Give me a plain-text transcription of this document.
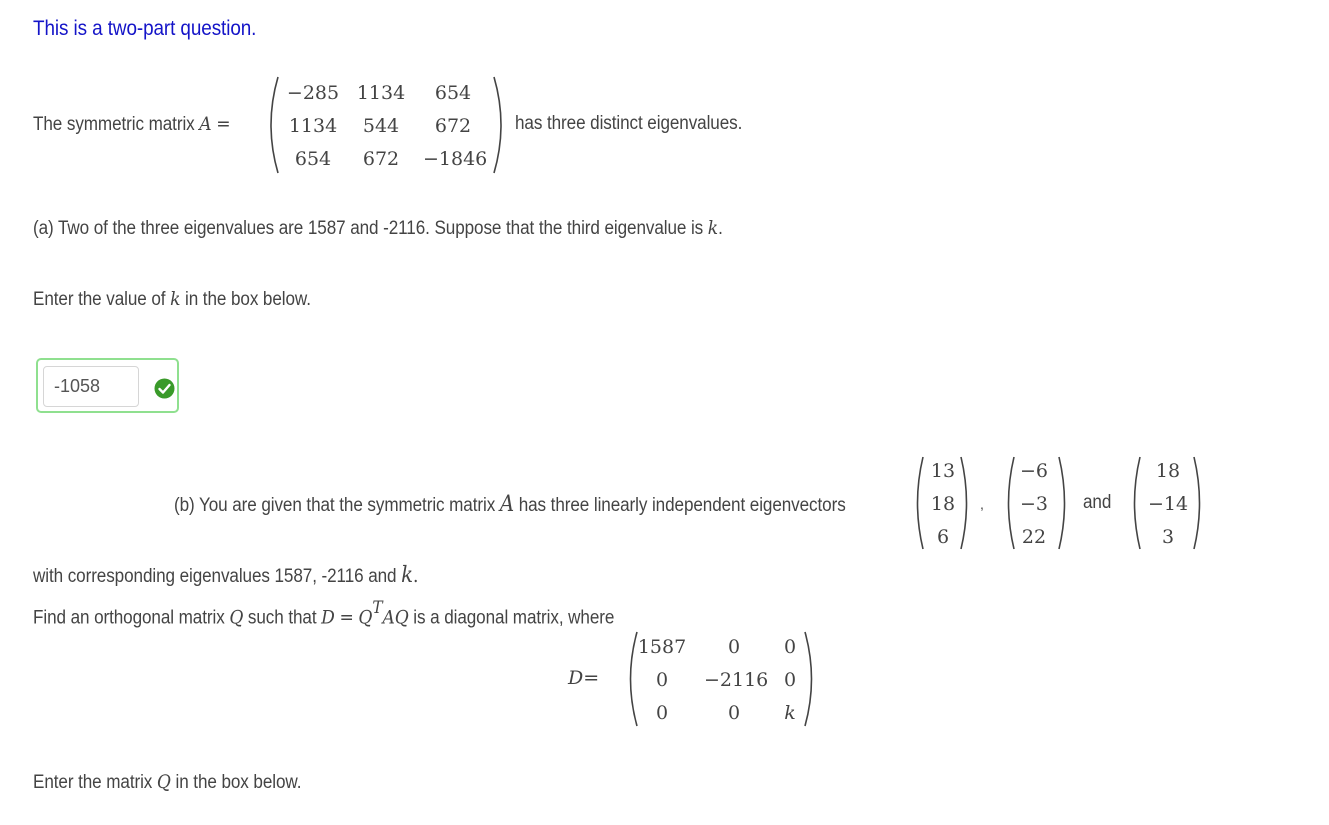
This is a two-part question.
The symmetric matrix A =
−285 1134	654
1134	544	672
654	672	−1846
has three distinct eigenvalues.
(a) Two of the three eigenvalues are 1587 and -2116. Suppose that the third eigenvalue is k.
Enter the value of k in the box below.
-1058
(b) You are given that the symmetric matrix A has three linearly independent eigenvectors
13
18
6
,
−6
−3
22
and
18
−14
3
with corresponding eigenvalues 1587, -2116 and k.
Find an orthogonal matrix Q such that $D = Q^TAQ$ is a diagonal matrix, where
D=
1587	0	0
0	−2116 0
0	0	k
Enter the matrix Q in the box below.
